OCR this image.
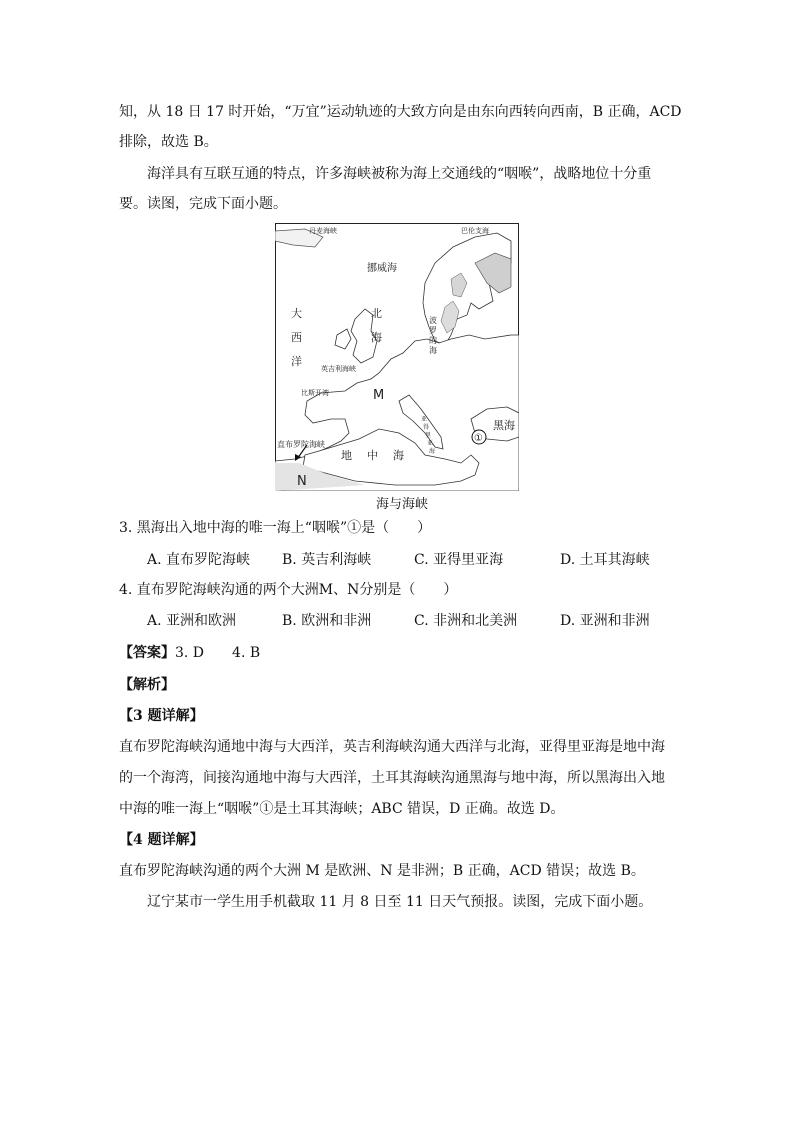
知，从 18 日 17 时开始，“万宜”运动轨迹的大致方向是由东向西转向西南，B 正确，ACD
排除，故选 B。
海洋具有互联互通的特点，许多海峡被称为海上交通线的“咽喉”，战略地位十分重
要。读图，完成下面小题。
丹麦海峡	巴伦支海
挪威海
大
西
洋
北
海
波
罗
的
海
英吉利海峡
M
比斯开湾
直布罗陀海峡
地 中 海
亚
得
里
亚
海
①
黑海
N
海与海峡
3. 黑海出入地中海的唯一海上“咽喉”①是（　　）
A. 直布罗陀海峡 B. 英吉利海峡	C. 亚得里亚海	D. 土耳其海峡
4. 直布罗陀海峡沟通的两个大洲M、N分别是（　　）
A. 亚洲和欧洲	B. 欧洲和非洲	C. 非洲和北美洲	D. 亚洲和非洲
【答案】3. D　　4. B
【解析】
【3 题详解】
直布罗陀海峡沟通地中海与大西洋，英吉利海峡沟通大西洋与北海，亚得里亚海是地中海
的一个海湾，间接沟通地中海与大西洋，土耳其海峡沟通黑海与地中海，所以黑海出入地
中海的唯一海上“咽喉”①是土耳其海峡；ABC 错误，D 正确。故选 D。
【4 题详解】
直布罗陀海峡沟通的两个大洲 M 是欧洲、N 是非洲；B 正确，ACD 错误；故选 B。
辽宁某市一学生用手机截取 11 月 8 日至 11 日天气预报。读图，完成下面小题。
